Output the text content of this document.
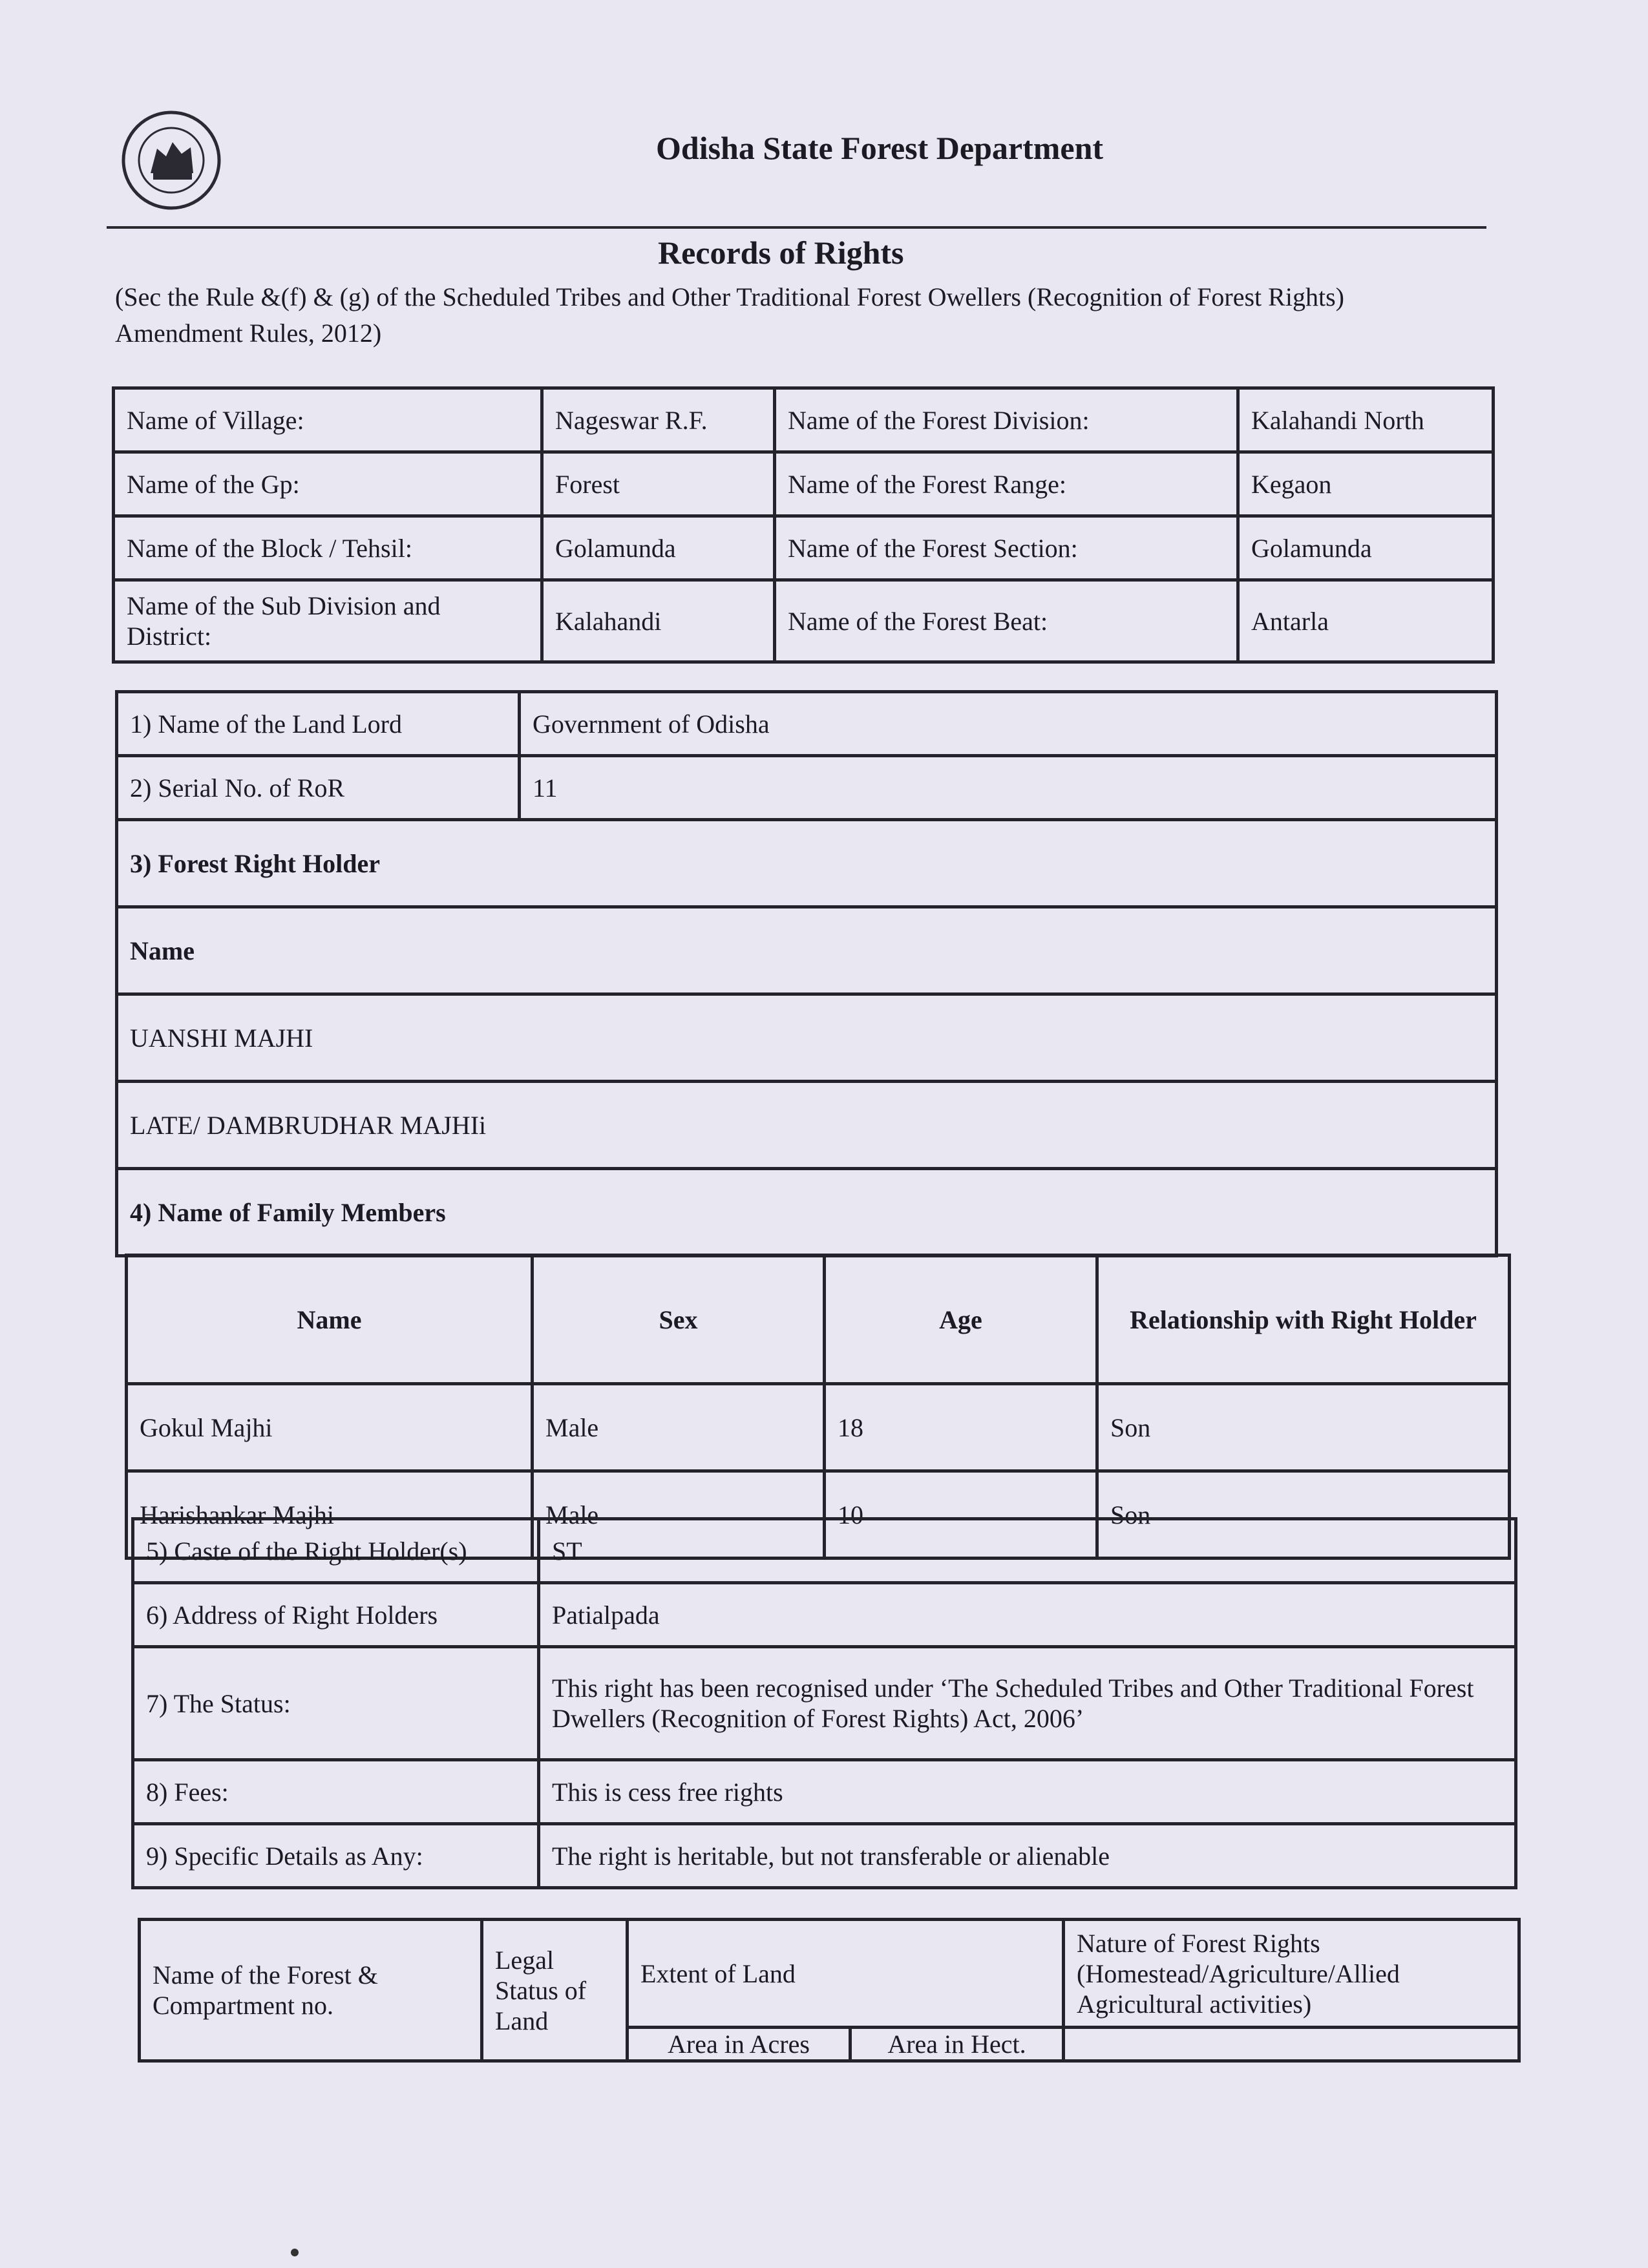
Odisha State Forest Department
Records of Rights
(Sec the Rule &(f) & (g) of the Scheduled Tribes and Other Traditional Forest Owellers (Recognition of Forest Rights) Amendment Rules, 2012)
Name of Village:	Nageswar R.F.	Name of the Forest Division:	Kalahandi North
Name of the Gp:	Forest	Name of the Forest Range:	Kegaon
Name of the Block / Tehsil:	Golamunda	Name of the Forest Section:	Golamunda
Name of the Sub Division and District:	Kalahandi	Name of the Forest Beat:	Antarla
1) Name of the Land Lord	Government of Odisha
2) Serial No. of RoR	11
3) Forest Right Holder	
Name	
UANSHI MAJHI	
LATE/ DAMBRUDHAR MAJHIi	
4) Name of Family Members	
Name	Sex	Age	Relationship with Right Holder
Gokul Majhi	Male	18	Son
Harishankar Majhi	Male	10	Son
5) Caste of the Right Holder(s)	ST
6) Address of Right Holders	Patialpada
7) The Status:	This right has been recognised under ‘The Scheduled Tribes and Other Traditional Forest Dwellers (Recognition of Forest Rights) Act, 2006’
8) Fees:	This is cess free rights
9) Specific Details as Any:	The right is heritable, but not transferable or alienable
Name of the Forest & Compartment no.	Legal Status of Land	Extent of Land		Nature of Forest Rights (Homestead/Agriculture/Allied Agricultural activities)
		Area in Acres	Area in Hect.	
